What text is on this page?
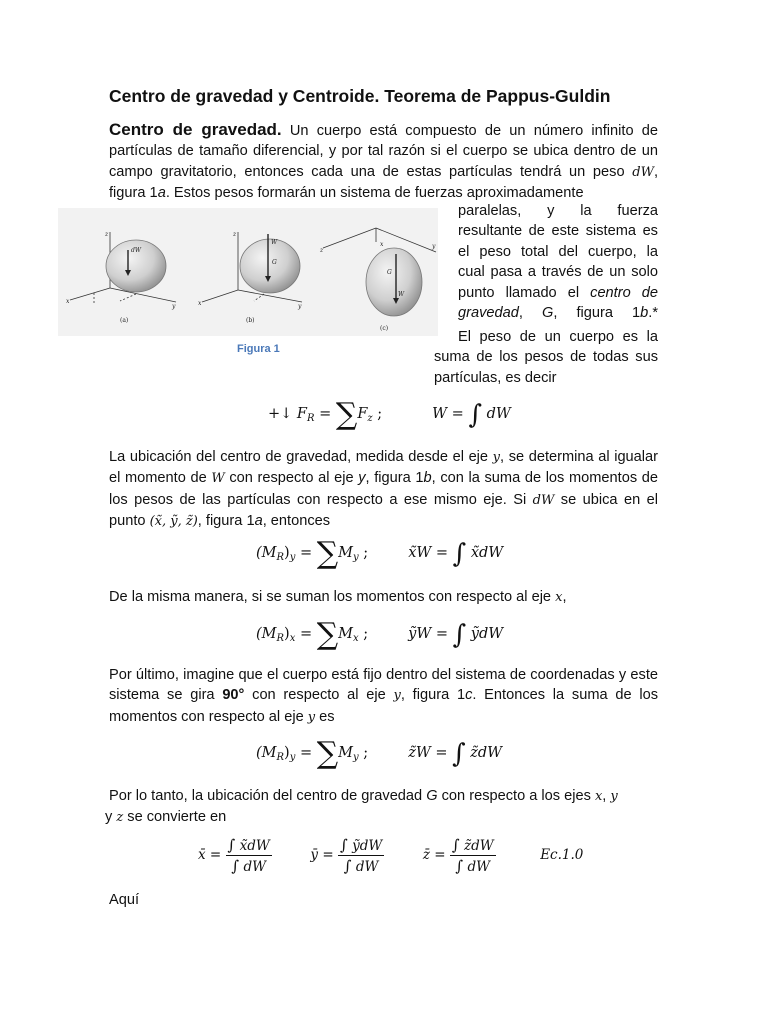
Centro de gravedad y Centroide. Teorema de Pappus-Guldin
Centro de gravedad. Un cuerpo está compuesto de un número infinito de partículas de tamaño diferencial, y por tal razón si el cuerpo se ubica dentro de un campo gravitatorio, entonces cada una de estas partículas tendrá un peso dW, figura 1a. Estos pesos formarán un sistema de fuerzas aproximadamente
z
x
y
dW
z
x	y
W
G
z
y
x
G
W
(a)	(b)
(c)
Figura 1
paralelas, y la fuerza resultante de este sistema es el peso total del cuerpo, la cual pasa a través de un solo punto llamado el centro de gravedad, G, figura 1b.*
El peso de un cuerpo es la suma de los pesos de todas sus
partículas, es decir
+↓ $F_R = \sum F_z$ ;	W = ∫ dW
La ubicación del centro de gravedad, medida desde el eje y, se determina al igualar el momento de W con respecto al eje y, figura 1b, con la suma de los momentos de los pesos de las partículas con respecto a ese mismo eje. Si dW se ubica en el punto (x̃, ỹ, z̃), figura 1a, entonces
$(M_R)_y = \sum M_y$ ;	x̃W = ∫ x̃dW
De la misma manera, si se suman los momentos con respecto al eje x,
$(M_R)_x = \sum M_x$ ;	ỹW = ∫ ỹdW
Por último, imagine que el cuerpo está fijo dentro del sistema de coordenadas y este sistema se gira 90° con respecto al eje y, figura 1c. Entonces la suma de los momentos con respecto al eje y es
$(M_R)_y = \sum M_y$ ;	z̃W = ∫ z̃dW
Por lo tanto, la ubicación del centro de gravedad G con respecto a los ejes x, y
y z se convierte en
x̄ = $\frac{\int x̃dW}{\int dW}$	ȳ = $\frac{\text{∫ ỹdW}}{\int dW}$	z̄ = $\frac{\int z̃dW}{\int dW}$	Ec.1.0
Aquí
